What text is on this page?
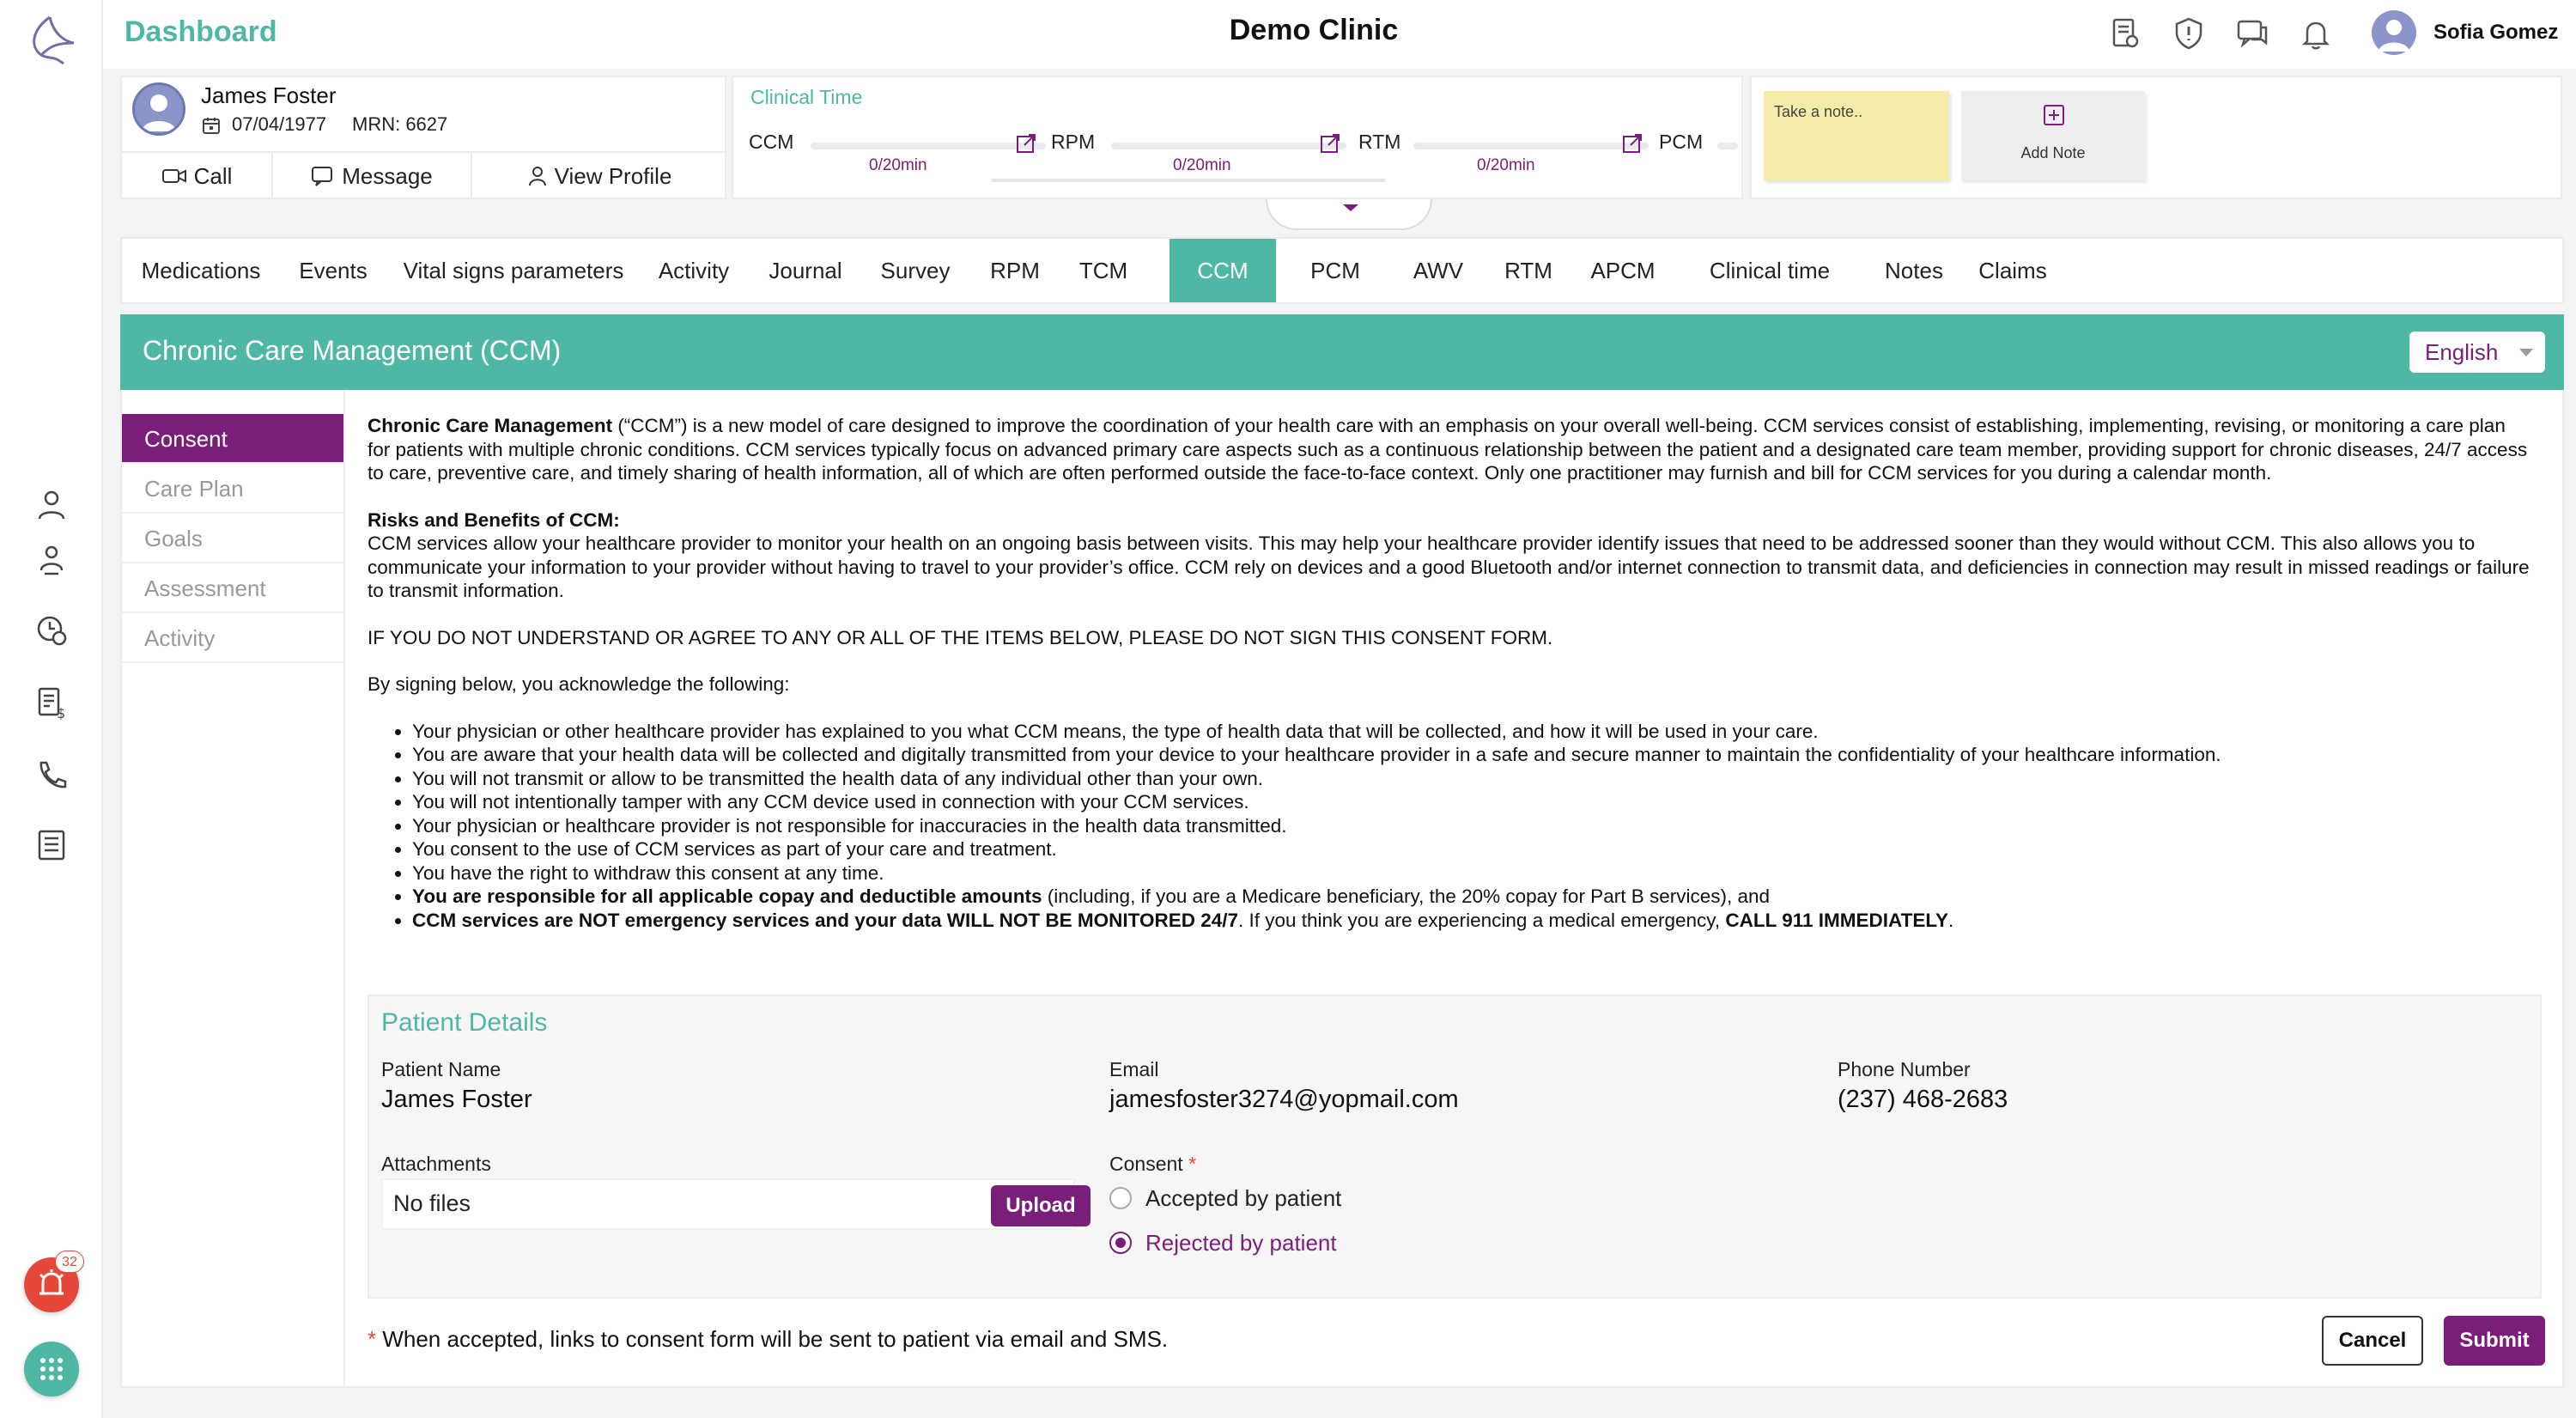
$
Dashboard	Demo Clinic	Sofia Gomez
James Foster
07/04/1977 MRN: 6627
Call	Message	View Profile
Clinical Time
CCM
0/20min
RPM
0/20min
RTM
0/20min
PCM
Take a note..
Add Note
Medications	Events	Vital signs parameters	Activity	Journal	Survey	RPM	TCM	CCM	PCM	AWV	RTM	APCM	Clinical time	Notes	Claims
Chronic Care Management (CCM)	English
Consent
Care Plan
Goals
Assessment
Activity

Chronic Care Management (“CCM”) is a new model of care designed to improve the coordination of your health care with an emphasis on your overall well-being. CCM services consist of establishing, implementing, revising, or monitoring a care plan for patients with multiple chronic conditions. CCM services typically focus on advanced primary care aspects such as a continuous relationship between the patient and a designated care team member, providing support for chronic diseases, 24/7 access to care, preventive care, and timely sharing of health information, all of which are often performed outside the face-to-face context. Only one practitioner may furnish and bill for CCM services for you during a calendar month.

Risks and Benefits of CCM:

CCM services allow your healthcare provider to monitor your health on an ongoing basis between visits. This may help your healthcare provider identify issues that need to be addressed sooner than they would without CCM. This also allows you to communicate your information to your provider without having to travel to your provider’s office. CCM rely on devices and a good Bluetooth and/or internet connection to transmit data, and deficiencies in connection may result in missed readings or failure to transmit information.

IF YOU DO NOT UNDERSTAND OR AGREE TO ANY OR ALL OF THE ITEMS BELOW, PLEASE DO NOT SIGN THIS CONSENT FORM.

By signing below, you acknowledge the following:

• Your physician or other healthcare provider has explained to you what CCM means, the type of health data that will be collected, and how it will be used in your care.
• You are aware that your health data will be collected and digitally transmitted from your device to your healthcare provider in a safe and secure manner to maintain the confidentiality of your healthcare information.
• You will not transmit or allow to be transmitted the health data of any individual other than your own.
• You will not intentionally tamper with any CCM device used in connection with your CCM services.
• Your physician or healthcare provider is not responsible for inaccuracies in the health data transmitted.
• You consent to the use of CCM services as part of your care and treatment.
• You have the right to withdraw this consent at any time.
• You are responsible for all applicable copay and deductible amounts (including, if you are a Medicare beneficiary, the 20% copay for Part B services), and
• CCM services are NOT emergency services and your data WILL NOT BE MONITORED 24/7. If you think you are experiencing a medical emergency, CALL 911 IMMEDIATELY.
Patient Details
Patient Name
James Foster
Email
jamesfoster3274@yopmail.com
Phone Number
(237) 468-2683
Attachments
No files	Upload
Consent *
Accepted by patient
Rejected by patient
* When accepted, links to consent form will be sent to patient via email and SMS.	Cancel	Submit
32
